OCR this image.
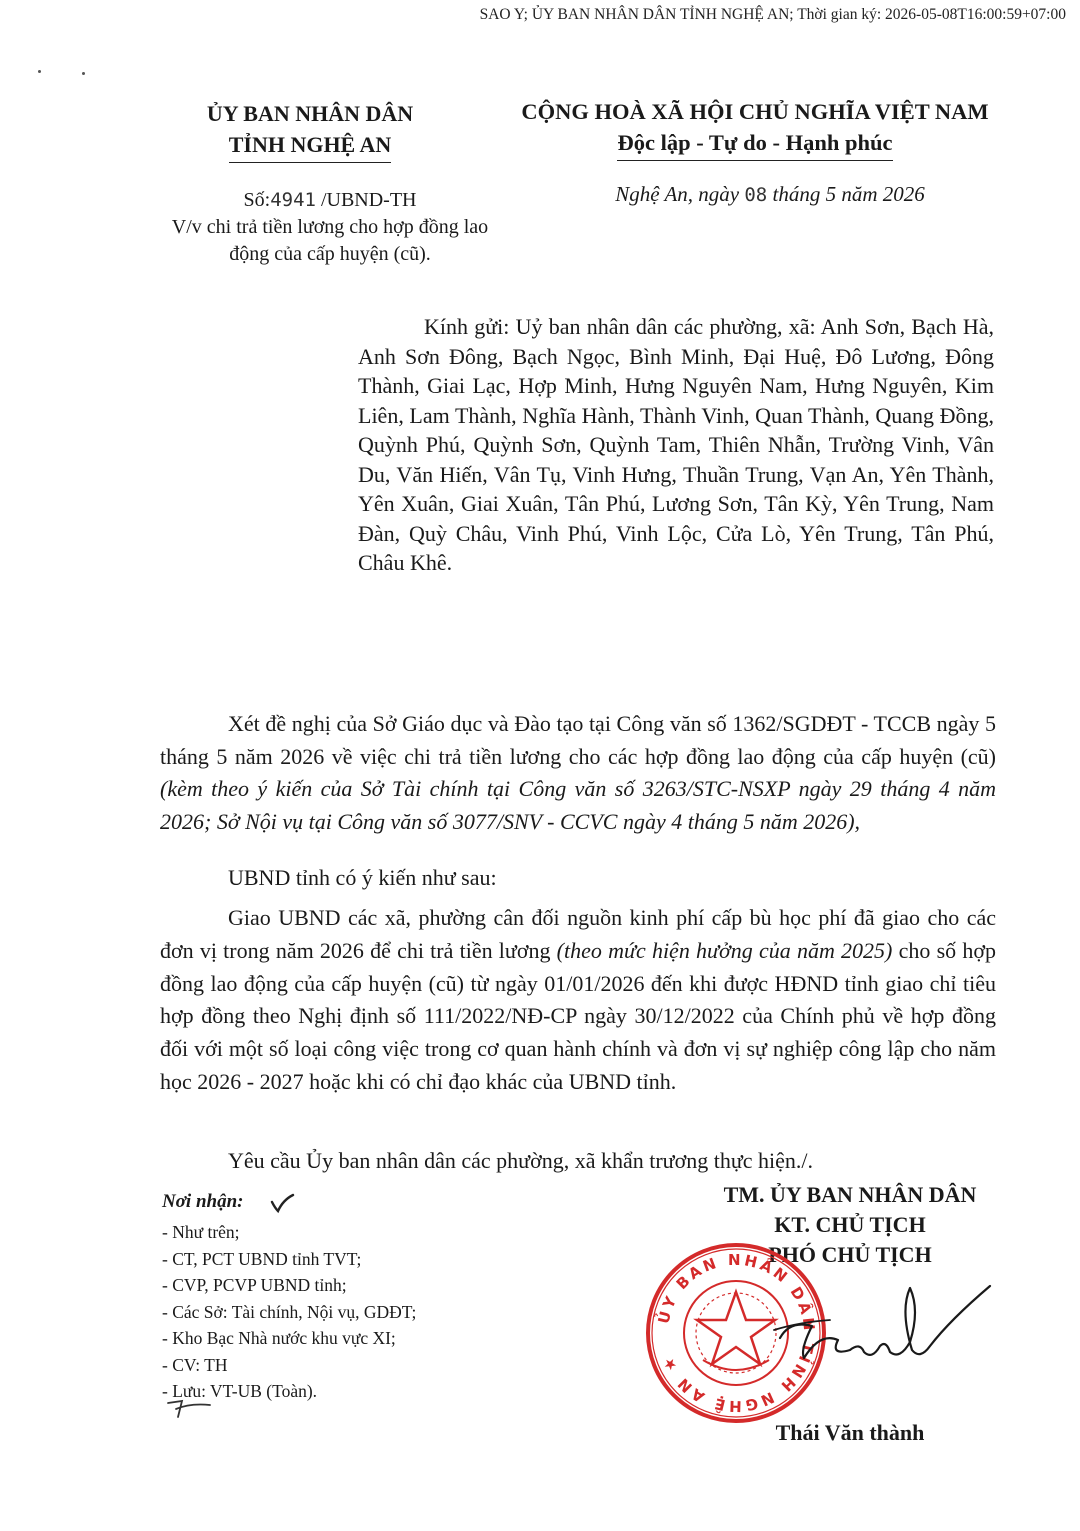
SAO Y; ỦY BAN NHÂN DÂN TỈNH NGHỆ AN; Thời gian ký: 2026-05-08T16:00:59+07:00
ỦY BAN NHÂN DÂN
TỈNH NGHỆ AN
CỘNG HOÀ XÃ HỘI CHỦ NGHĨA VIỆT NAM
Độc lập - Tự do - Hạnh phúc
Số:4941 /UBND-TH
V/v chi trả tiền lương cho hợp đồng lao
động của cấp huyện (cũ).
Nghệ An, ngày 08 tháng 5 năm 2026
Kính gửi: Uỷ ban nhân dân các phường, xã: Anh Sơn, Bạch Hà, Anh Sơn Đông, Bạch Ngọc, Bình Minh, Đại Huệ, Đô Lương, Đông Thành, Giai Lạc, Hợp Minh, Hưng Nguyên Nam, Hưng Nguyên, Kim Liên, Lam Thành, Nghĩa Hành, Thành Vinh, Quan Thành, Quang Đồng, Quỳnh Phú, Quỳnh Sơn, Quỳnh Tam, Thiên Nhẫn, Trường Vinh, Vân Du, Văn Hiến, Vân Tụ, Vinh Hưng, Thuần Trung, Vạn An, Yên Thành, Yên Xuân, Giai Xuân, Tân Phú, Lương Sơn, Tân Kỳ, Yên Trung, Nam Đàn, Quỳ Châu, Vinh Phú, Vinh Lộc, Cửa Lò, Yên Trung, Tân Phú, Châu Khê.
Xét đề nghị của Sở Giáo dục và Đào tạo tại Công văn số 1362/SGDĐT - TCCB ngày 5 tháng 5 năm 2026 về việc chi trả tiền lương cho các hợp đồng lao động của cấp huyện (cũ) (kèm theo ý kiến của Sở Tài chính tại Công văn số 3263/STC-NSXP ngày 29 tháng 4 năm 2026; Sở Nội vụ tại Công văn số 3077/SNV - CCVC ngày 4 tháng 5 năm 2026),
UBND tỉnh có ý kiến như sau:
Giao UBND các xã, phường cân đối nguồn kinh phí cấp bù học phí đã giao cho các đơn vị trong năm 2026 để chi trả tiền lương (theo mức hiện hưởng của năm 2025) cho số hợp đồng lao động của cấp huyện (cũ) từ ngày 01/01/2026 đến khi được HĐND tỉnh giao chỉ tiêu hợp đồng theo Nghị định số 111/2022/NĐ-CP ngày 30/12/2022 của Chính phủ về hợp đồng đối với một số loại công việc trong cơ quan hành chính và đơn vị sự nghiệp công lập cho năm học 2026 - 2027 hoặc khi có chỉ đạo khác của UBND tỉnh.
Yêu cầu Ủy ban nhân dân các phường, xã khẩn trương thực hiện./.
Nơi nhận:
- Như trên;
- CT, PCT UBND tỉnh TVT;
- CVP, PCVP UBND tỉnh;
- Các Sở: Tài chính, Nội vụ, GDĐT;
- Kho Bạc Nhà nước khu vực XI;
- CV: TH
- Lưu: VT-UB (Toàn).
TM. ỦY BAN NHÂN DÂN
KT. CHỦ TỊCH
PHÓ CHỦ TỊCH
ỦY BAN NHÂN DÂN TỈNH NGHỆ AN ★
Thái Văn thành
